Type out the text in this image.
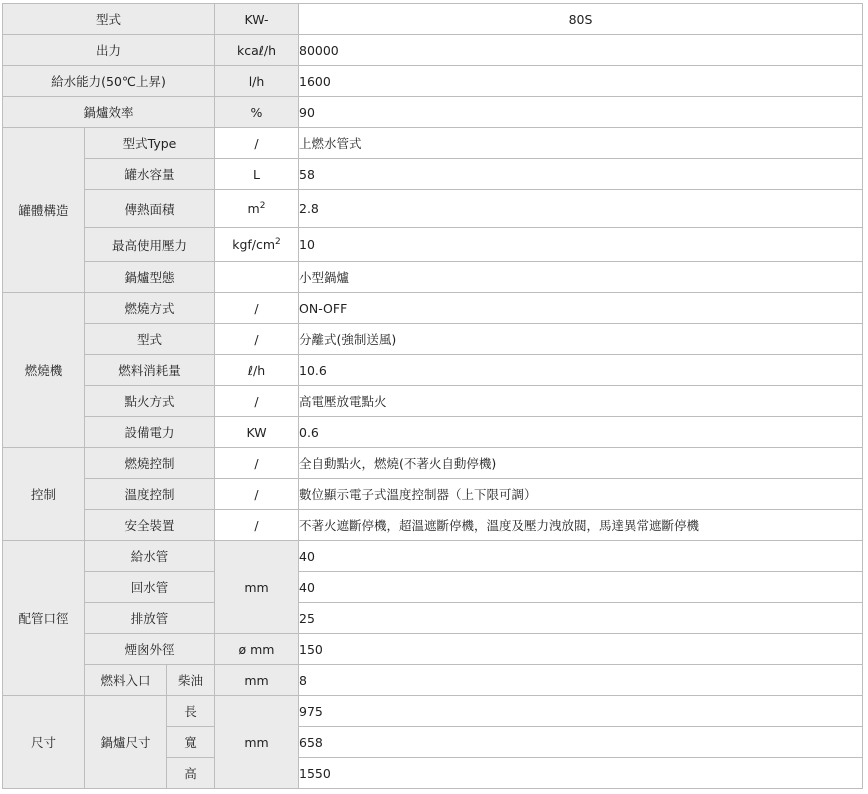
型式			KW-	80S
出力			kcaℓ/h	80000
給水能力(50℃上昇)			l/h	1600
鍋爐效率			%	90
罐體構造	型式Type		/	上燃水管式
	罐水容量		L	58
	傳熱面積		$m^2$	2.8
	最高使用壓力		kgf/$cm^2$	10
	鍋爐型態			小型鍋爐
燃燒機	燃燒方式		/	ON-OFF
	型式		/	分離式(強制送風)
	燃料消耗量		ℓ/h	10.6
	點火方式		/	高電壓放電點火
	設備電力		KW	0.6
控制	燃燒控制		/	全自動點火，燃燒(不著火自動停機)
	溫度控制		/	數位顯示電子式溫度控制器（上下限可調）
	安全裝置		/	不著火遮斷停機，超溫遮斷停機，溫度及壓力洩放閥，馬達異常遮斷停機
配管口徑	給水管		mm	40
	回水管			40
	排放管			25
	煙囪外徑		ø mm	150
	燃料入口	柴油	mm	8
尺寸	鍋爐尺寸	長	mm	975
		寬		658
		高		1550
